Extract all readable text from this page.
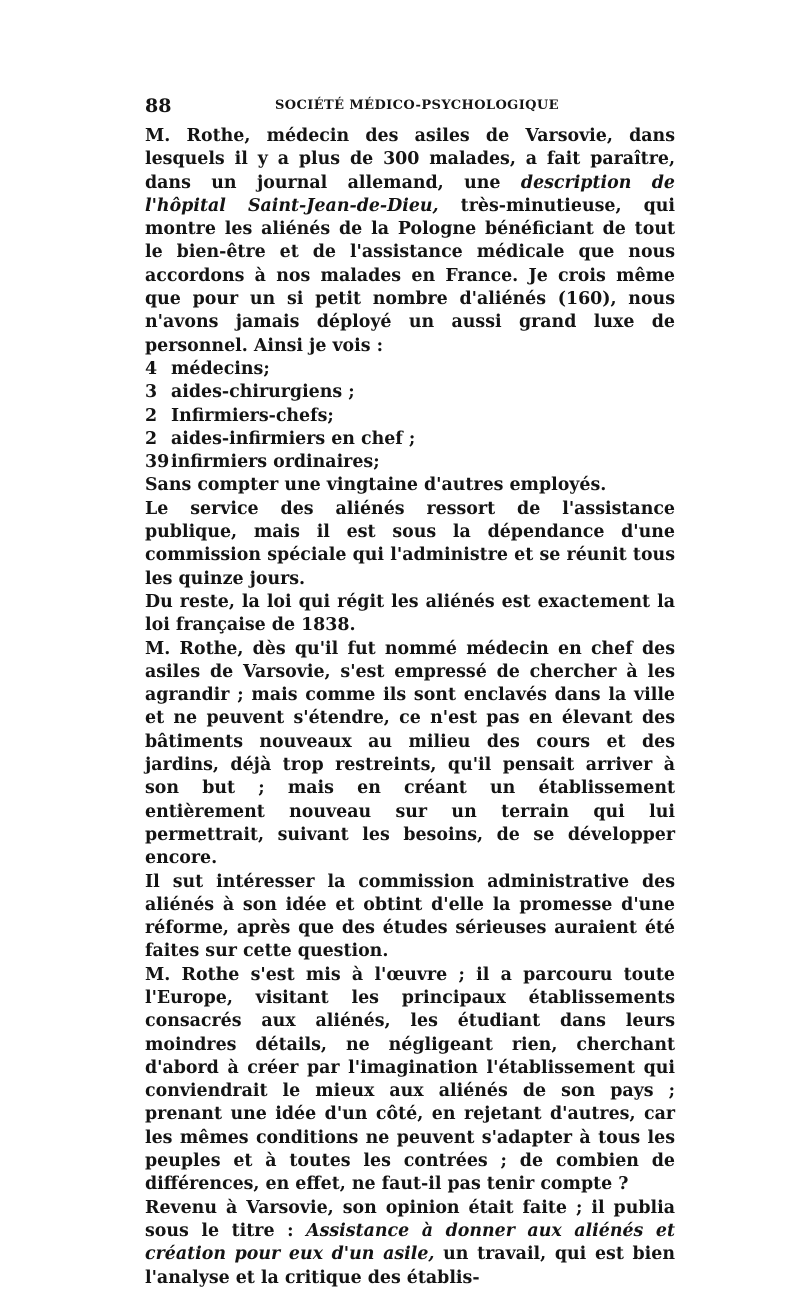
88	SOCIÉTÉ MÉDICO-PSYCHOLOGIQUE

M. Rothe, médecin des asiles de Varsovie, dans lesquels il y a plus de 300 malades, a fait paraître, dans un journal allemand, une description de l'hôpital Saint-Jean-de-Dieu, très-minutieuse, qui montre les aliénés de la Pologne bénéficiant de tout le bien-être et de l'assistance médicale que nous accordons à nos malades en France. Je crois même que pour un si petit nombre d'aliénés (160), nous n'avons jamais déployé un aussi grand luxe de personnel. Ainsi je vois :

4 médecins;
3 aides-chirurgiens ;
2 Infirmiers-chefs;
2 aides-infirmiers en chef ;
39 infirmiers ordinaires;
Sans compter une vingtaine d'autres employés.

Le service des aliénés ressort de l'assistance publique, mais il est sous la dépendance d'une commission spéciale qui l'administre et se réunit tous les quinze jours.

Du reste, la loi qui régit les aliénés est exactement la loi française de 1838.

M. Rothe, dès qu'il fut nommé médecin en chef des asiles de Varsovie, s'est empressé de chercher à les agrandir ; mais comme ils sont enclavés dans la ville et ne peuvent s'étendre, ce n'est pas en élevant des bâtiments nouveaux au milieu des cours et des jardins, déjà trop restreints, qu'il pensait arriver à son but ; mais en créant un établissement entièrement nouveau sur un terrain qui lui permettrait, suivant les besoins, de se développer encore.

Il sut intéresser la commission administrative des aliénés à son idée et obtint d'elle la promesse d'une réforme, après que des études sérieuses auraient été faites sur cette question.

M. Rothe s'est mis à l'œuvre ; il a parcouru toute l'Europe, visitant les principaux établissements consacrés aux aliénés, les étudiant dans leurs moindres détails, ne négligeant rien, cherchant d'abord à créer par l'imagination l'établissement qui conviendrait le mieux aux aliénés de son pays ; prenant une idée d'un côté, en rejetant d'autres, car les mêmes conditions ne peuvent s'adapter à tous les peuples et à toutes les contrées ; de combien de différences, en effet, ne faut-il pas tenir compte ?

Revenu à Varsovie, son opinion était faite ; il publia sous le titre : Assistance à donner aux aliénés et création pour eux d'un asile, un travail, qui est bien l'analyse et la critique des établis-
